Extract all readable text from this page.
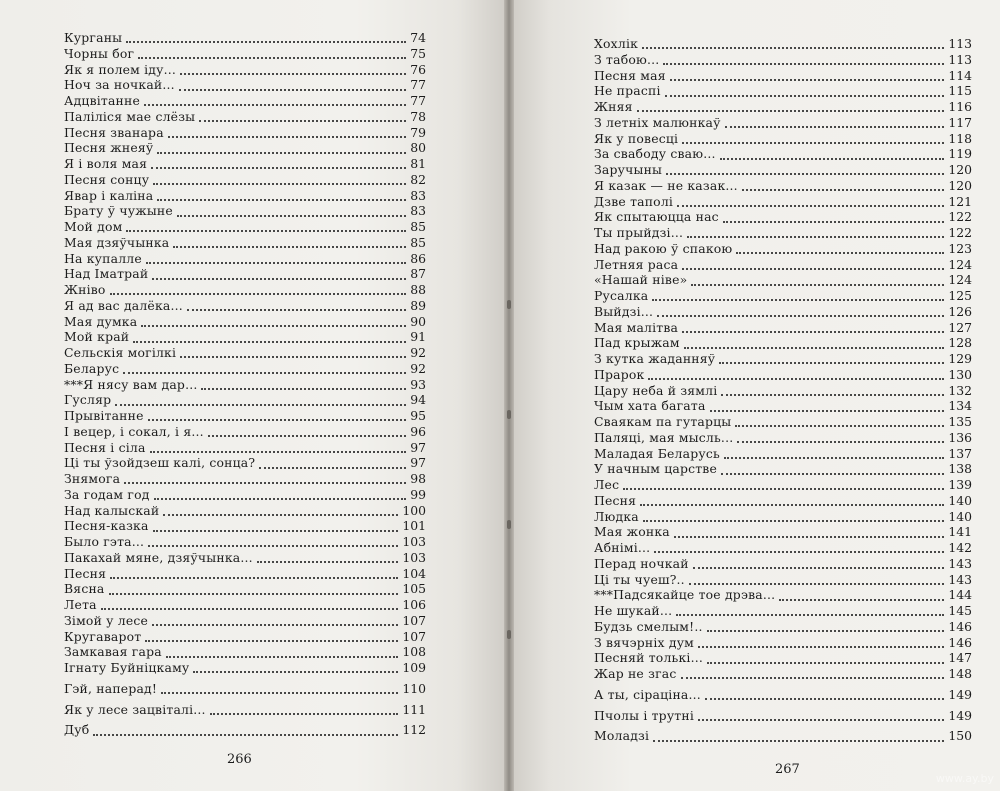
Курганы	74
Чорны бог	75
Як я полем іду...	76
Ноч за ночкай...	77
Адцвітанне	77
Паліліся мае слёзы	78
Песня званара	79
Песня жнеяў	80
Я і воля мая	81
Песня сонцу	82
Явар і каліна	83
Брату ў чужыне	83
Мой дом	85
Мая дзяўчынка	85
На купалле	86
Над Іматрай	87
Жніво	88
Я ад вас далёка...	89
Мая думка	90
Мой край	91
Сельскія могілкі	92
Беларус	92
***Я нясу вам дар...	93
Гусляр	94
Прывітанне	95
І вецер, і сокал, і я...	96
Песня і сіла	97
Ці ты ўзойдзеш калі, сонца?	97
Знямога	98
За годам год	99
Над калыскай	100
Песня-казка	101
Было гэта...	103
Пакахай мяне, дзяўчынка...	103
Песня	104
Вясна	105
Лета	106
Зімой у лесе	107
Кругаварот	107
Замкавая гара	108
Ігнату Буйніцкаму	109
Гэй, наперад!	110
Як у лесе зацвіталі...	111
Дуб	112
266
Хохлік	113
З табою...	113
Песня мая	114
Не праспі	115
Жняя	116
З летніх малюнкаў	117
Як у повесці	118
За свабоду сваю...	119
Заручыны	120
Я казак — не казак...	120
Дзве таполі	121
Як спытаюцца нас	122
Ты прыйдзі...	122
Над ракою ў спакою	123
Летняя раса	124
«Нашай ніве»	124
Русалка	125
Выйдзі...	126
Мая малітва	127
Пад крыжам	128
З кутка жаданняў	129
Прарок	130
Цару неба й зямлі	132
Чым хата багата	134
Сваякам па гутарцы	135
Паляці, мая мысль...	136
Маладая Беларусь	137
У начным царстве	138
Лес	139
Песня	140
Людка	140
Мая жонка	141
Абнімі...	142
Перад ночкай	143
Ці ты чуеш?..	143
***Падсякайце тое дрэва...	144
Не шукай...	145
Будзь смелым!..	146
З вячэрніх дум	146
Песняй толькі...	147
Жар не згас	148
А ты, сіраціна...	149
Пчолы і трутні	149
Моладзі	150
267
www.ay.by
